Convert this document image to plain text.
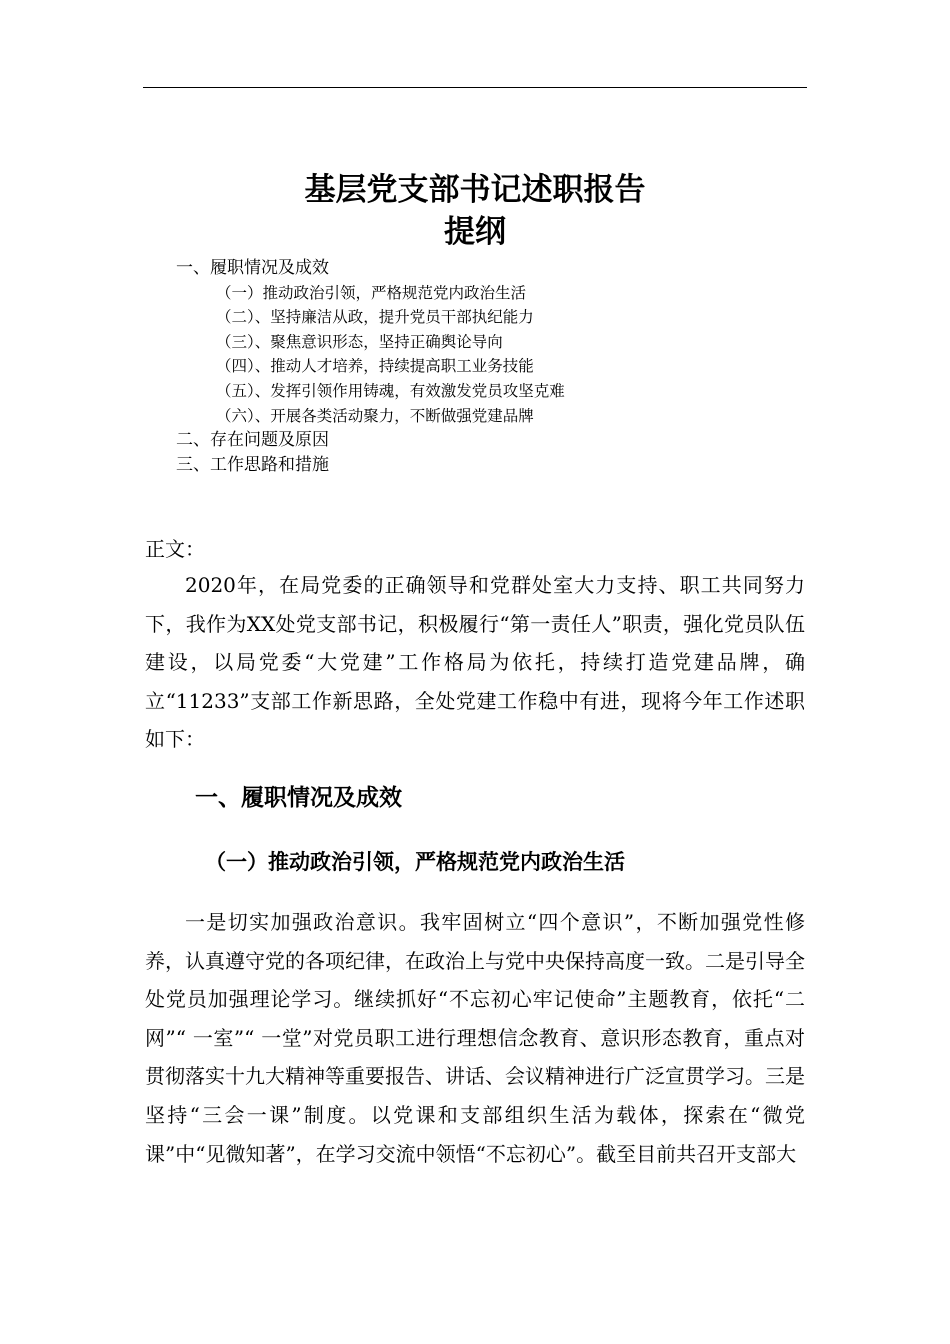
基层党支部书记述职报告
提纲
一、履职情况及成效
（一）推动政治引领，严格规范党内政治生活
（二）、坚持廉洁从政，提升党员干部执纪能力
（三）、聚焦意识形态，坚持正确舆论导向
（四）、推动人才培养，持续提高职工业务技能
（五）、发挥引领作用铸魂，有效激发党员攻坚克难
（六）、开展各类活动聚力，不断做强党建品牌
二、存在问题及原因
三、工作思路和措施

正文：

2020年，在局党委的正确领导和党群处室大力支持、职工共同努力下，我作为XX处党支部书记，积极履行“第一责任人”职责，强化党员队伍建设，以局党委“大党建”工作格局为依托，持续打造党建品牌，确立“11233”支部工作新思路，全处党建工作稳中有进，现将今年工作述职如下：

一、履职情况及成效
（一）推动政治引领，严格规范党内政治生活

一是切实加强政治意识。我牢固树立“四个意识”，不断加强党性修养，认真遵守党的各项纪律，在政治上与党中央保持高度一致。二是引导全处党员加强理论学习。继续抓好“不忘初心牢记使命”主题教育，依托“二网”“ 一室”“ 一堂”对党员职工进行理想信念教育、意识形态教育，重点对贯彻落实十九大精神等重要报告、讲话、会议精神进行广泛宣贯学习。三是坚持“三会一课”制度。以党课和支部组织生活为载体，探索在“微党课”中“见微知著”，在学习交流中领悟“不忘初心”。截至目前共召开支部大
